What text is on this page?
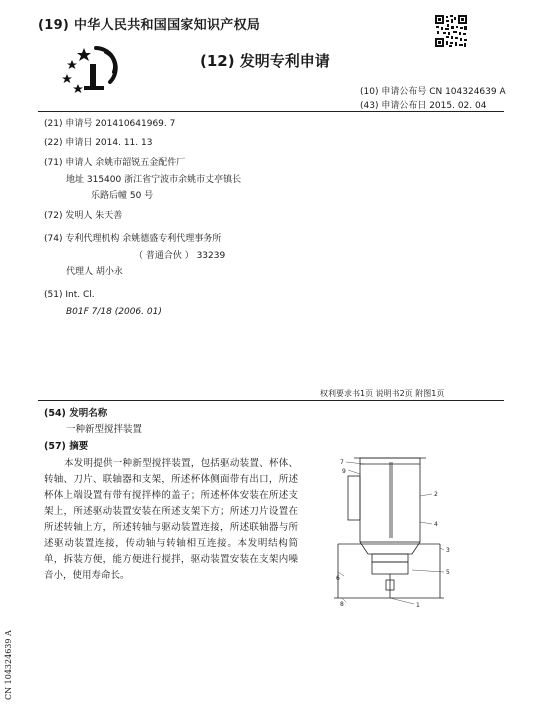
(19) 中华人民共和国国家知识产权局
(12) 发明专利申请
(10) 申请公布号 CN 104324639 A
(43) 申请公布日 2015. 02. 04
(21) 申请号 201410641969. 7
(22) 申请日 2014. 11. 13
(71) 申请人 余姚市韶锐五金配件厂
地址 315400 浙江省宁波市余姚市丈亭镇长
乐路后幢 50 号
(72) 发明人 朱天善
(74) 专利代理机构 余姚德盛专利代理事务所
（ 普通合伙 ） 33239
代理人 胡小永
(51) Int. Cl.
B01F 7/18 (2006. 01)
权利要求书1页 说明书2页 附图1页
(54) 发明名称
一种新型搅拌装置
(57) 摘要
本发明提供一种新型搅拌装置，包括驱动装置、杯体、转轴、刀片、联轴器和支架，所述杯体侧面带有出口，所述杯体上端设置有带有搅拌棒的盖子；所述杯体安装在所述支架上，所述驱动装置安装在所述支架下方；所述刀片设置在所述转轴上方，所述转轴与驱动装置连接，所述联轴器与所述驱动装置连接，传动轴与转轴相互连接。本发明结构简单，拆装方便，能方便进行搅拌，驱动装置安装在支架内噪音小，使用寿命长。
7
9
2
4
3
5
6
8	1
CN 104324639 A
